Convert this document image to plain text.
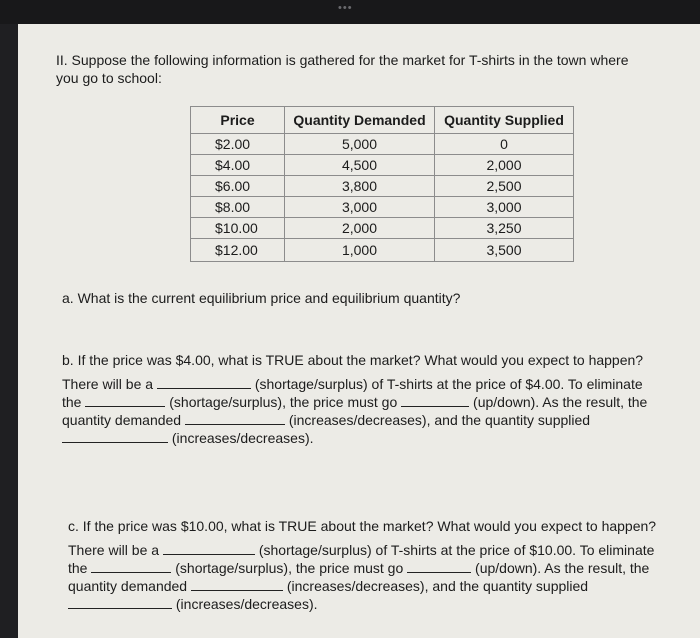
•••
II. Suppose the following information is gathered for the market for T-shirts in the town where
you go to school:
Price	Quantity Demanded	Quantity Supplied
$2.00	5,000	0
$4.00	4,500	2,000
$6.00	3,800	2,500
$8.00	3,000	3,000
$10.00	2,000	3,250
$12.00	1,000	3,500
a. What is the current equilibrium price and equilibrium quantity?
b. If the price was $4.00, what is TRUE about the market? What would you expect to happen?
There will be a	(shortage/surplus) of T-shirts at the price of $4.00. To eliminate
the	(shortage/surplus), the price must go	(up/down). As the result, the
quantity demanded	(increases/decreases), and the quantity supplied
(increases/decreases).
c. If the price was $10.00, what is TRUE about the market? What would you expect to happen?
There will be a	(shortage/surplus) of T-shirts at the price of $10.00. To eliminate
the	(shortage/surplus), the price must go	(up/down). As the result, the
quantity demanded	(increases/decreases), and the quantity supplied
(increases/decreases).
